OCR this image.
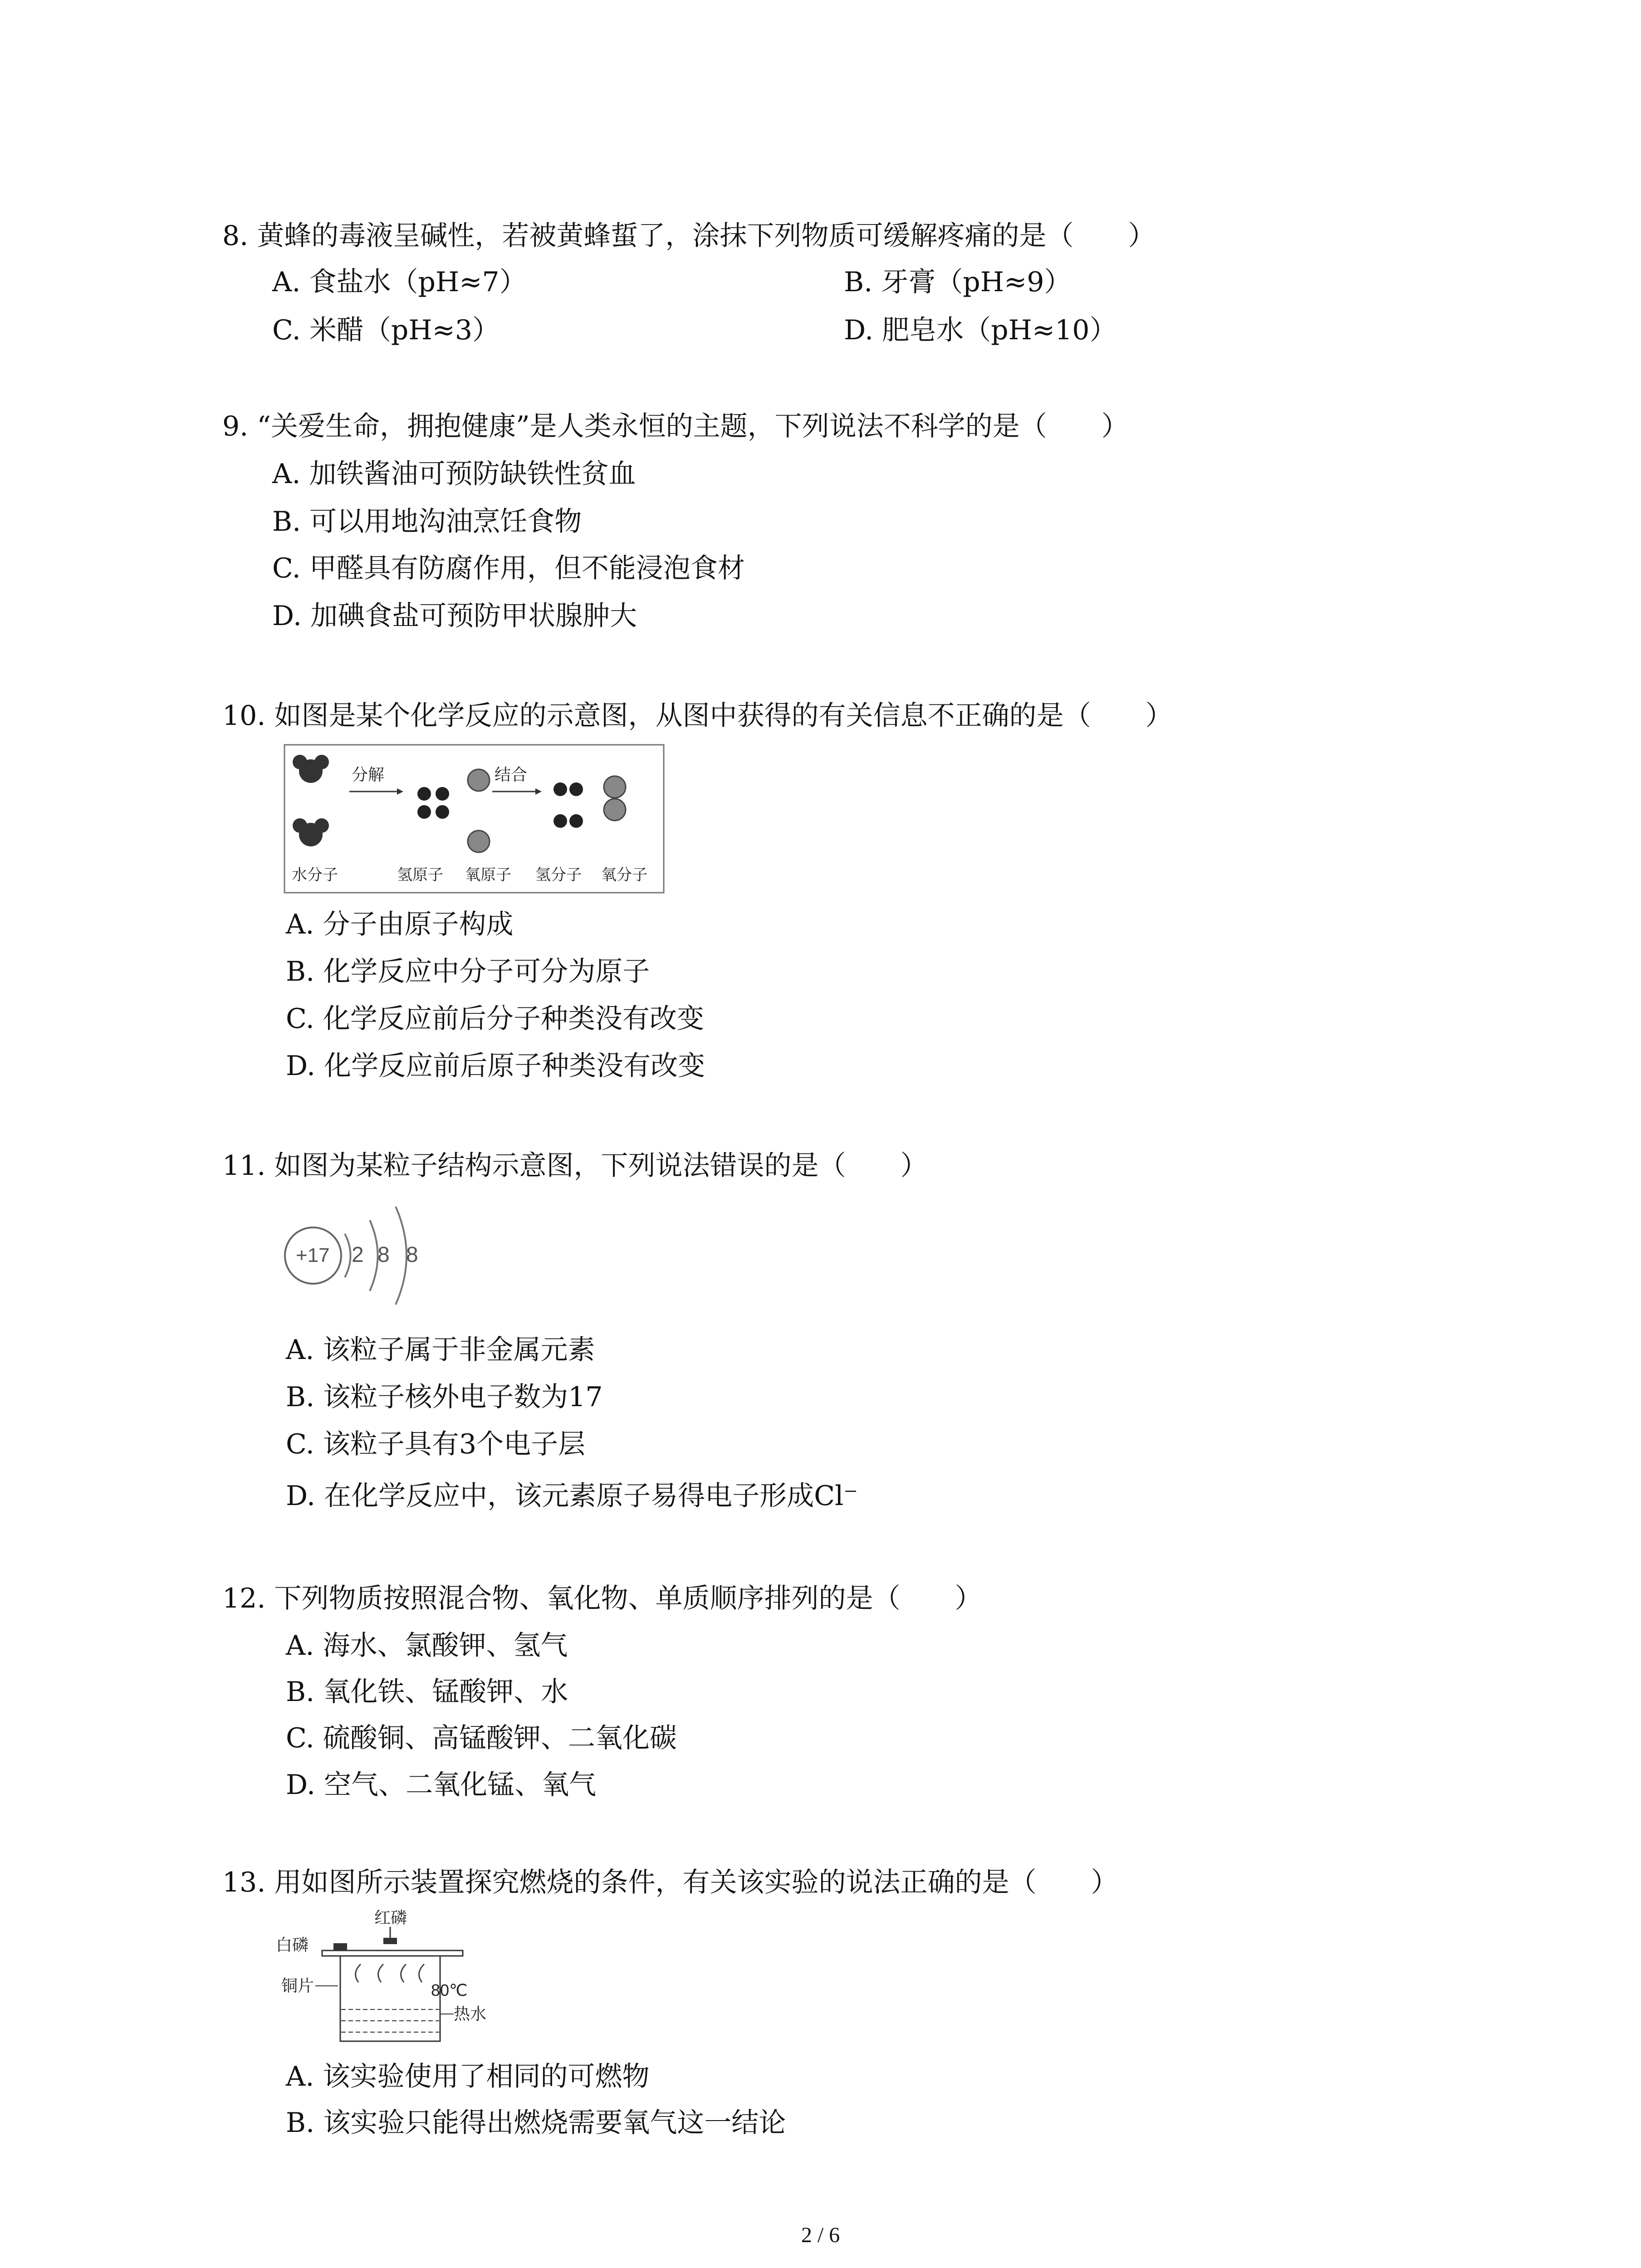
8. 黄蜂的毒液呈碱性，若被黄蜂蜇了，涂抹下列物质可缓解疼痛的是（　　）
A. 食盐水（pH≈7）	B. 牙膏（pH≈9）
C. 米醋（pH≈3）	D. 肥皂水（pH≈10）
9. “关爱生命，拥抱健康”是人类永恒的主题，下列说法不科学的是（　　）
A. 加铁酱油可预防缺铁性贫血
B. 可以用地沟油烹饪食物
C. 甲醛具有防腐作用，但不能浸泡食材
D. 加碘食盐可预防甲状腺肿大
10. 如图是某个化学反应的示意图，从图中获得的有关信息不正确的是（　　）
分解	结合
水分子	氢原子 氧原子 氢分子 氧分子
A. 分子由原子构成
B. 化学反应中分子可分为原子
C. 化学反应前后分子种类没有改变
D. 化学反应前后原子种类没有改变
11. 如图为某粒子结构示意图，下列说法错误的是（　　）
+17 2 8 8
A. 该粒子属于非金属元素
B. 该粒子核外电子数为17
C. 该粒子具有3个电子层
D. 在化学反应中，该元素原子易得电子形成Cl⁻
12. 下列物质按照混合物、氧化物、单质顺序排列的是（　　）
A. 海水、氯酸钾、氢气
B. 氧化铁、锰酸钾、水
C. 硫酸铜、高锰酸钾、二氧化碳
D. 空气、二氧化锰、氧气
13. 用如图所示装置探究燃烧的条件，有关该实验的说法正确的是（　　）
红磷
白磷
铜片	80℃
热水
A. 该实验使用了相同的可燃物
B. 该实验只能得出燃烧需要氧气这一结论
2 / 6
